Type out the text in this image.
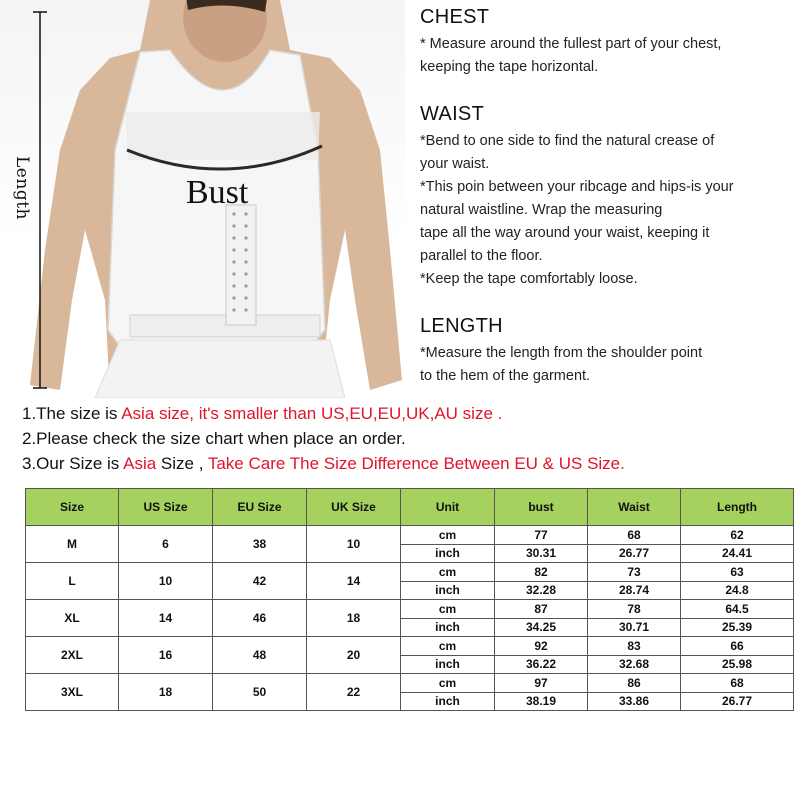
Length	Bust
CHEST

* Measure around the fullest part of your chest,

keeping the tape horizontal.

WAIST

*Bend to one side to find the natural crease of

your waist.

*This poin between your ribcage and hips-is your

natural waistline. Wrap the measuring

tape all the way around your waist, keeping it

parallel to the floor.

*Keep the tape comfortably loose.

LENGTH

*Measure the length from the shoulder point

to the hem of the garment.

1.The size is Asia size, it's smaller than US,EU,EU,UK,AU size .
2.Please check the size chart when place an order.
3.Our Size is Asia Size , Take Care The Size Difference Between EU & US Size.
Size	US Size	EU Size	UK Size	Unit	bust	Waist	Length
M	6	38	10	cm	77	68	62
				inch	30.31	26.77	24.41
L	10	42	14	cm	82	73	63
				inch	32.28	28.74	24.8
XL	14	46	18	cm	87	78	64.5
				inch	34.25	30.71	25.39
2XL	16	48	20	cm	92	83	66
				inch	36.22	32.68	25.98
3XL	18	50	22	cm	97	86	68
				inch	38.19	33.86	26.77
